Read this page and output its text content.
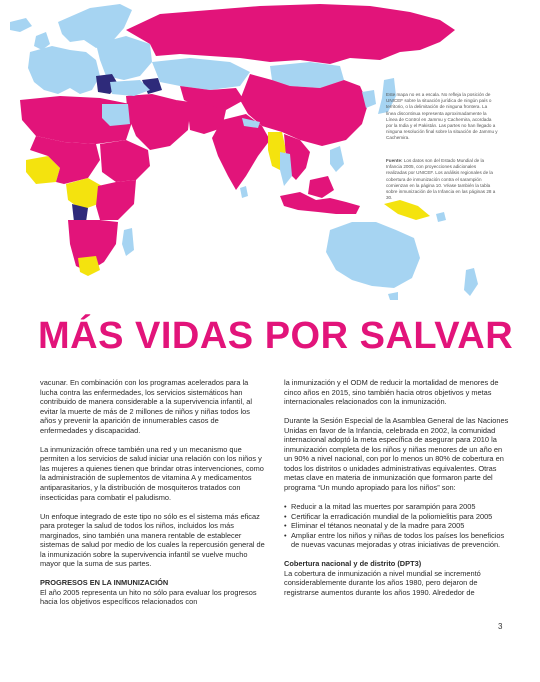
Este mapa no es a escala. No refleja la posición de UNICEF sobre la situación jurídica de ningún país o territorio, o la delimitación de ninguna frontera. La línea discontinua representa aproximadamente la Línea de Control en Jammu y Cachemira, acordada por la India y el Pakistán. Las partes no han llegado a ninguna resolución final sobre la situación de Jammu y Cachemira.
Fuente: Los datos son del Estado Mundial de la Infancia 2005, con proyecciones adicionales realizadas por UNICEF. Los análisis regionales de la cobertura de inmunización contra el sarampión comienzan en la página 10. Véase también la tabla sobre inmunización de la Infancia en las páginas 28 a 30.
MÁS VIDAS POR SALVAR

vacunar. En combinación con los programas acelerados para la lucha contra las enfermedades, los servicios sistemáticos han contribuido de manera considerable a la supervivencia infantil, al evitar la muerte de más de 2 millones de niños y niñas todos los años y prevenir la aparición de innumerables casos de enfermedades y discapacidad.

La inmunización ofrece también una red y un mecanismo que permiten a los servicios de salud iniciar una relación con los niños y las mujeres a quienes tienen que brindar otras intervenciones, como la administración de suplementos de vitamina A y medicamentos antiparasitarios, y la distribución de mosquiteros tratados con insecticidas para combatir el paludismo.

Un enfoque integrado de este tipo no sólo es el sistema más eficaz para proteger la salud de todos los niños, incluidos los más marginados, sino también una manera rentable de establecer sistemas de salud por medio de los cuales la repercusión general de la inmunización sobre la supervivencia infantil se vuelve mucho mayor que la suma de sus partes.

PROGRESOS EN LA INMUNIZACIÓN

El año 2005 representa un hito no sólo para evaluar los progresos hacia los objetivos específicos relacionados con

la inmunización y el ODM de reducir la mortalidad de menores de cinco años en 2015, sino también hacia otros objetivos y metas internacionales relacionados con la inmunización.

Durante la Sesión Especial de la Asamblea General de las Naciones Unidas en favor de la Infancia, celebrada en 2002, la comunidad internacional adoptó la meta específica de asegurar para 2010 la inmunización completa de los niños y niñas menores de un año en un 90% a nivel nacional, con por lo menos un 80% de cobertura en todos los distritos o unidades administrativas equivalentes. Otras metas clave en materia de inmunización que formaron parte del programa “Un mundo apropiado para los niños” son:

• Reducir a la mitad las muertes por sarampión para 2005
• Certificar la erradicación mundial de la poliomielitis para 2005
• Eliminar el tétanos neonatal y de la madre para 2005
• Ampliar entre los niños y niñas de todos los países los beneficios de nuevas vacunas mejoradas y otras iniciativas de prevención.
Cobertura nacional y de distrito (DPT3)

La cobertura de inmunización a nivel mundial se incrementó considerablemente durante los años 1980, pero dejaron de registrarse aumentos durante los años 1990. Alrededor de

3
